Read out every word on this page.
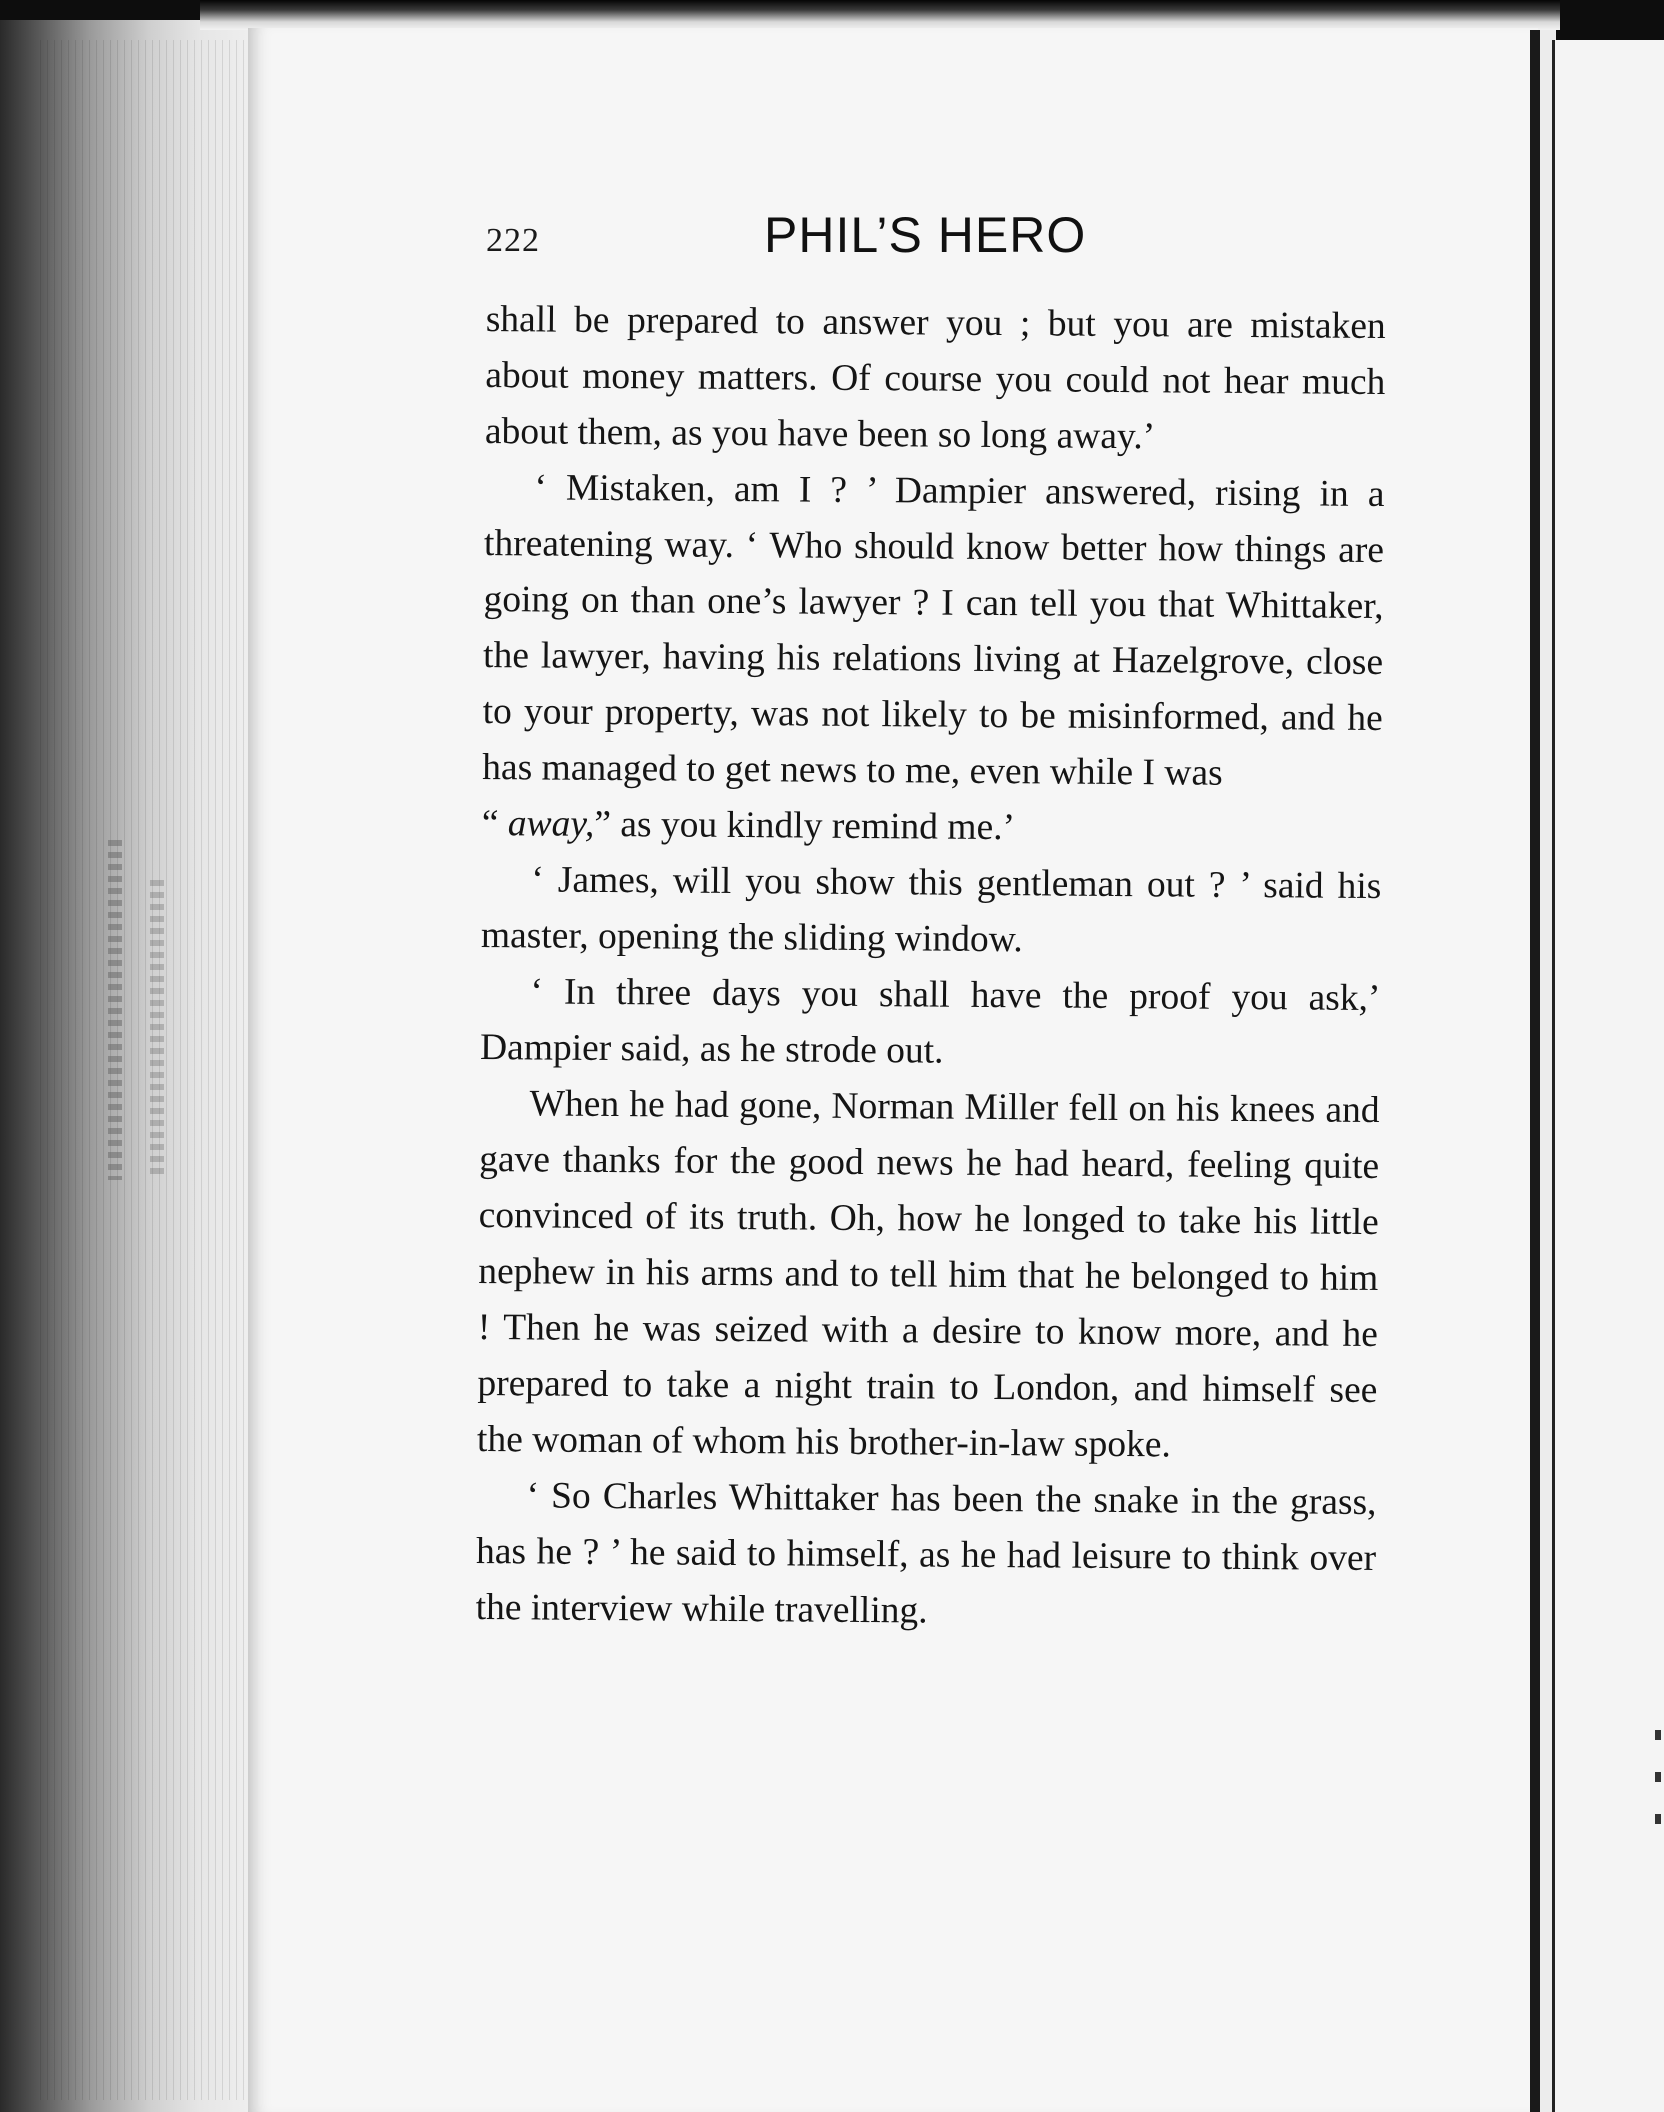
222	PHIL’S HERO

shall be prepared to answer you ; but you are mistaken about money matters. Of course you could not hear much about them, as you have been so long away.’

‘ Mistaken, am I ? ’ Dampier answered, rising in a threatening way. ‘ Who should know better how things are going on than one’s lawyer ? I can tell you that Whittaker, the lawyer, having his relations living at Hazelgrove, close to your property, was not likely to be misinformed, and he has managed to get news to me, even while I was

“ away,” as you kindly remind me.’

‘ James, will you show this gentleman out ? ’ said his master, opening the sliding window.

‘ In three days you shall have the proof you ask,’ Dampier said, as he strode out.

When he had gone, Norman Miller fell on his knees and gave thanks for the good news he had heard, feeling quite convinced of its truth. Oh, how he longed to take his little nephew in his arms and to tell him that he belonged to him ! Then he was seized with a desire to know more, and he prepared to take a night train to London, and himself see the woman of whom his brother-in-law spoke.

‘ So Charles Whittaker has been the snake in the grass, has he ? ’ he said to himself, as he had leisure to think over the interview while travelling.
